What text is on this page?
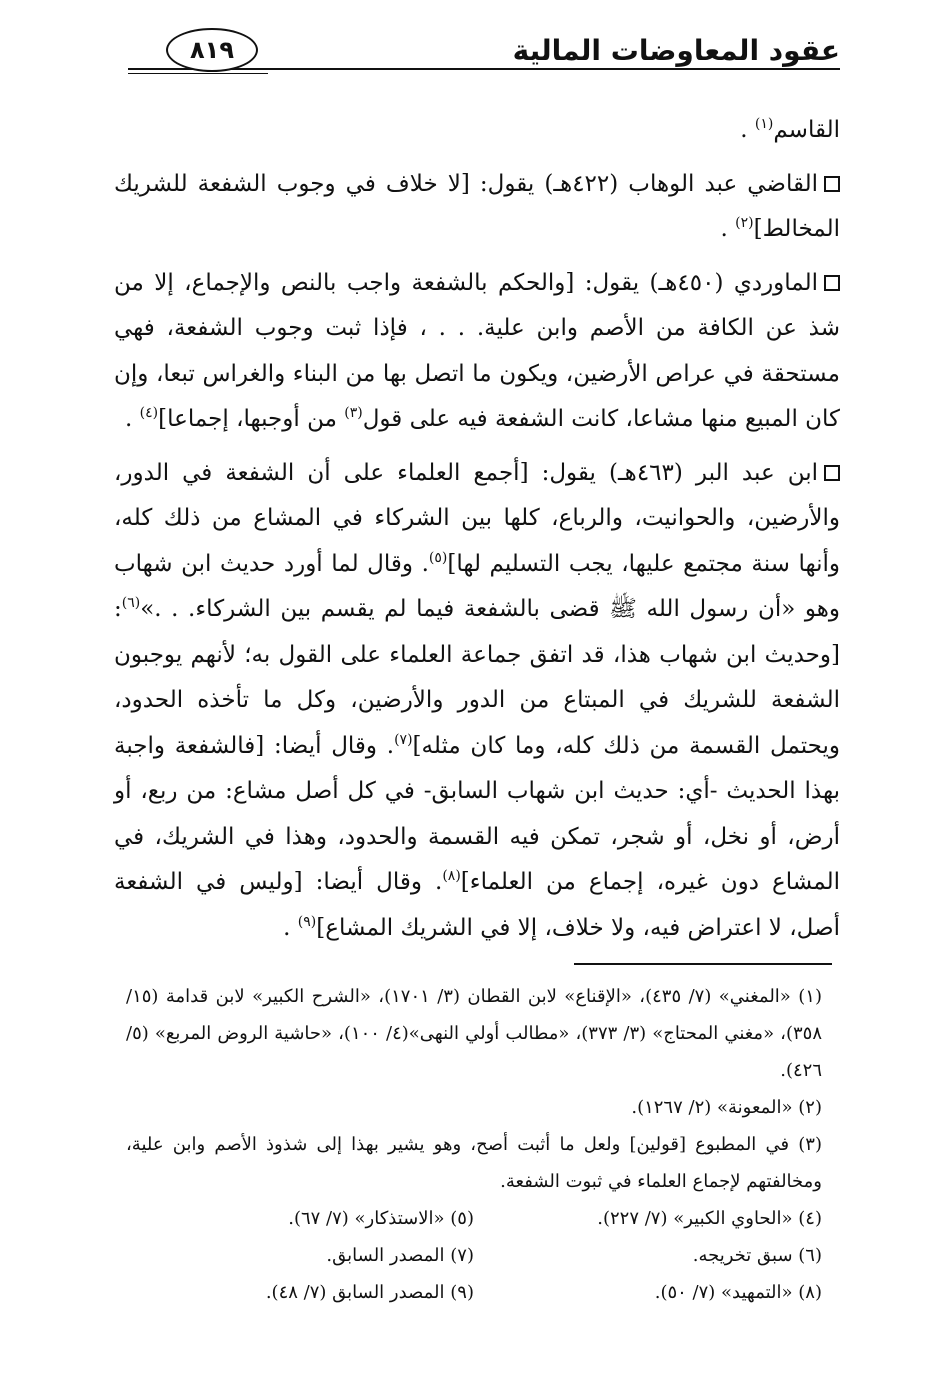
عقود المعاوضات المالية
٨١٩

القاسم$^{(١)}$ .

القاضي عبد الوهاب (٤٢٢هـ) يقول: [لا خلاف في وجوب الشفعة للشريك المخالط]$^{(٢)}$ .

الماوردي (٤٥٠هـ) يقول: [والحكم بالشفعة واجب بالنص والإجماع، إلا من شذ عن الكافة من الأصم وابن علية. . . ، فإذا ثبت وجوب الشفعة، فهي مستحقة في عراص الأرضين، ويكون ما اتصل بها من البناء والغراس تبعا، وإن كان المبيع منها مشاعا، كانت الشفعة فيه على قول$^{(٣)}$ من أوجبها، إجماعا]$^{(٤)}$ .

ابن عبد البر (٤٦٣هـ) يقول: [أجمع العلماء على أن الشفعة في الدور، والأرضين، والحوانيت، والرباع، كلها بين الشركاء في المشاع من ذلك كله، وأنها سنة مجتمع عليها، يجب التسليم لها]$^{(٥)}$. وقال لما أورد حديث ابن شهاب وهو «أن رسول الله ﷺ قضى بالشفعة فيما لم يقسم بين الشركاء. . .»$^{(٦)}$: [وحديث ابن شهاب هذا، قد اتفق جماعة العلماء على القول به؛ لأنهم يوجبون الشفعة للشريك في المبتاع من الدور والأرضين، وكل ما تأخذه الحدود، ويحتمل القسمة من ذلك كله، وما كان مثله]$^{(٧)}$. وقال أيضا: [فالشفعة واجبة بهذا الحديث -أي: حديث ابن شهاب السابق- في كل أصل مشاع: من ربع، أو أرض، أو نخل، أو شجر، تمكن فيه القسمة والحدود، وهذا في الشريك، في المشاع دون غيره، إجماع من العلماء]$^{(٨)}$. وقال أيضا: [وليس في الشفعة أصل، لا اعتراض فيه، ولا خلاف، إلا في الشريك المشاع]$^{(٩)}$ .

(١) «المغني» (٧/ ٤٣٥)، «الإقناع» لابن القطان (٣/ ١٧٠١)، «الشرح الكبير» لابن قدامة (١٥/ ٣٥٨)، «مغني المحتاج» (٣/ ٣٧٣)، «مطالب أولي النهى»(٤/ ١٠٠)، «حاشية الروض المربع» (٥/ ٤٢٦).

(٢) «المعونة» (٢/ ١٢٦٧).

(٣) في المطبوع [قولين] ولعل ما أثبت أصح، وهو يشير بهذا إلى شذوذ الأصم وابن علية، ومخالفتهم لإجماع العلماء في ثبوت الشفعة.

(٤) «الحاوي الكبير» (٧/ ٢٢٧).

(٥) «الاستذكار» (٧/ ٦٧).

(٦) سبق تخريجه.

(٧) المصدر السابق.

(٨) «التمهيد» (٧/ ٥٠).

(٩) المصدر السابق (٧/ ٤٨).
